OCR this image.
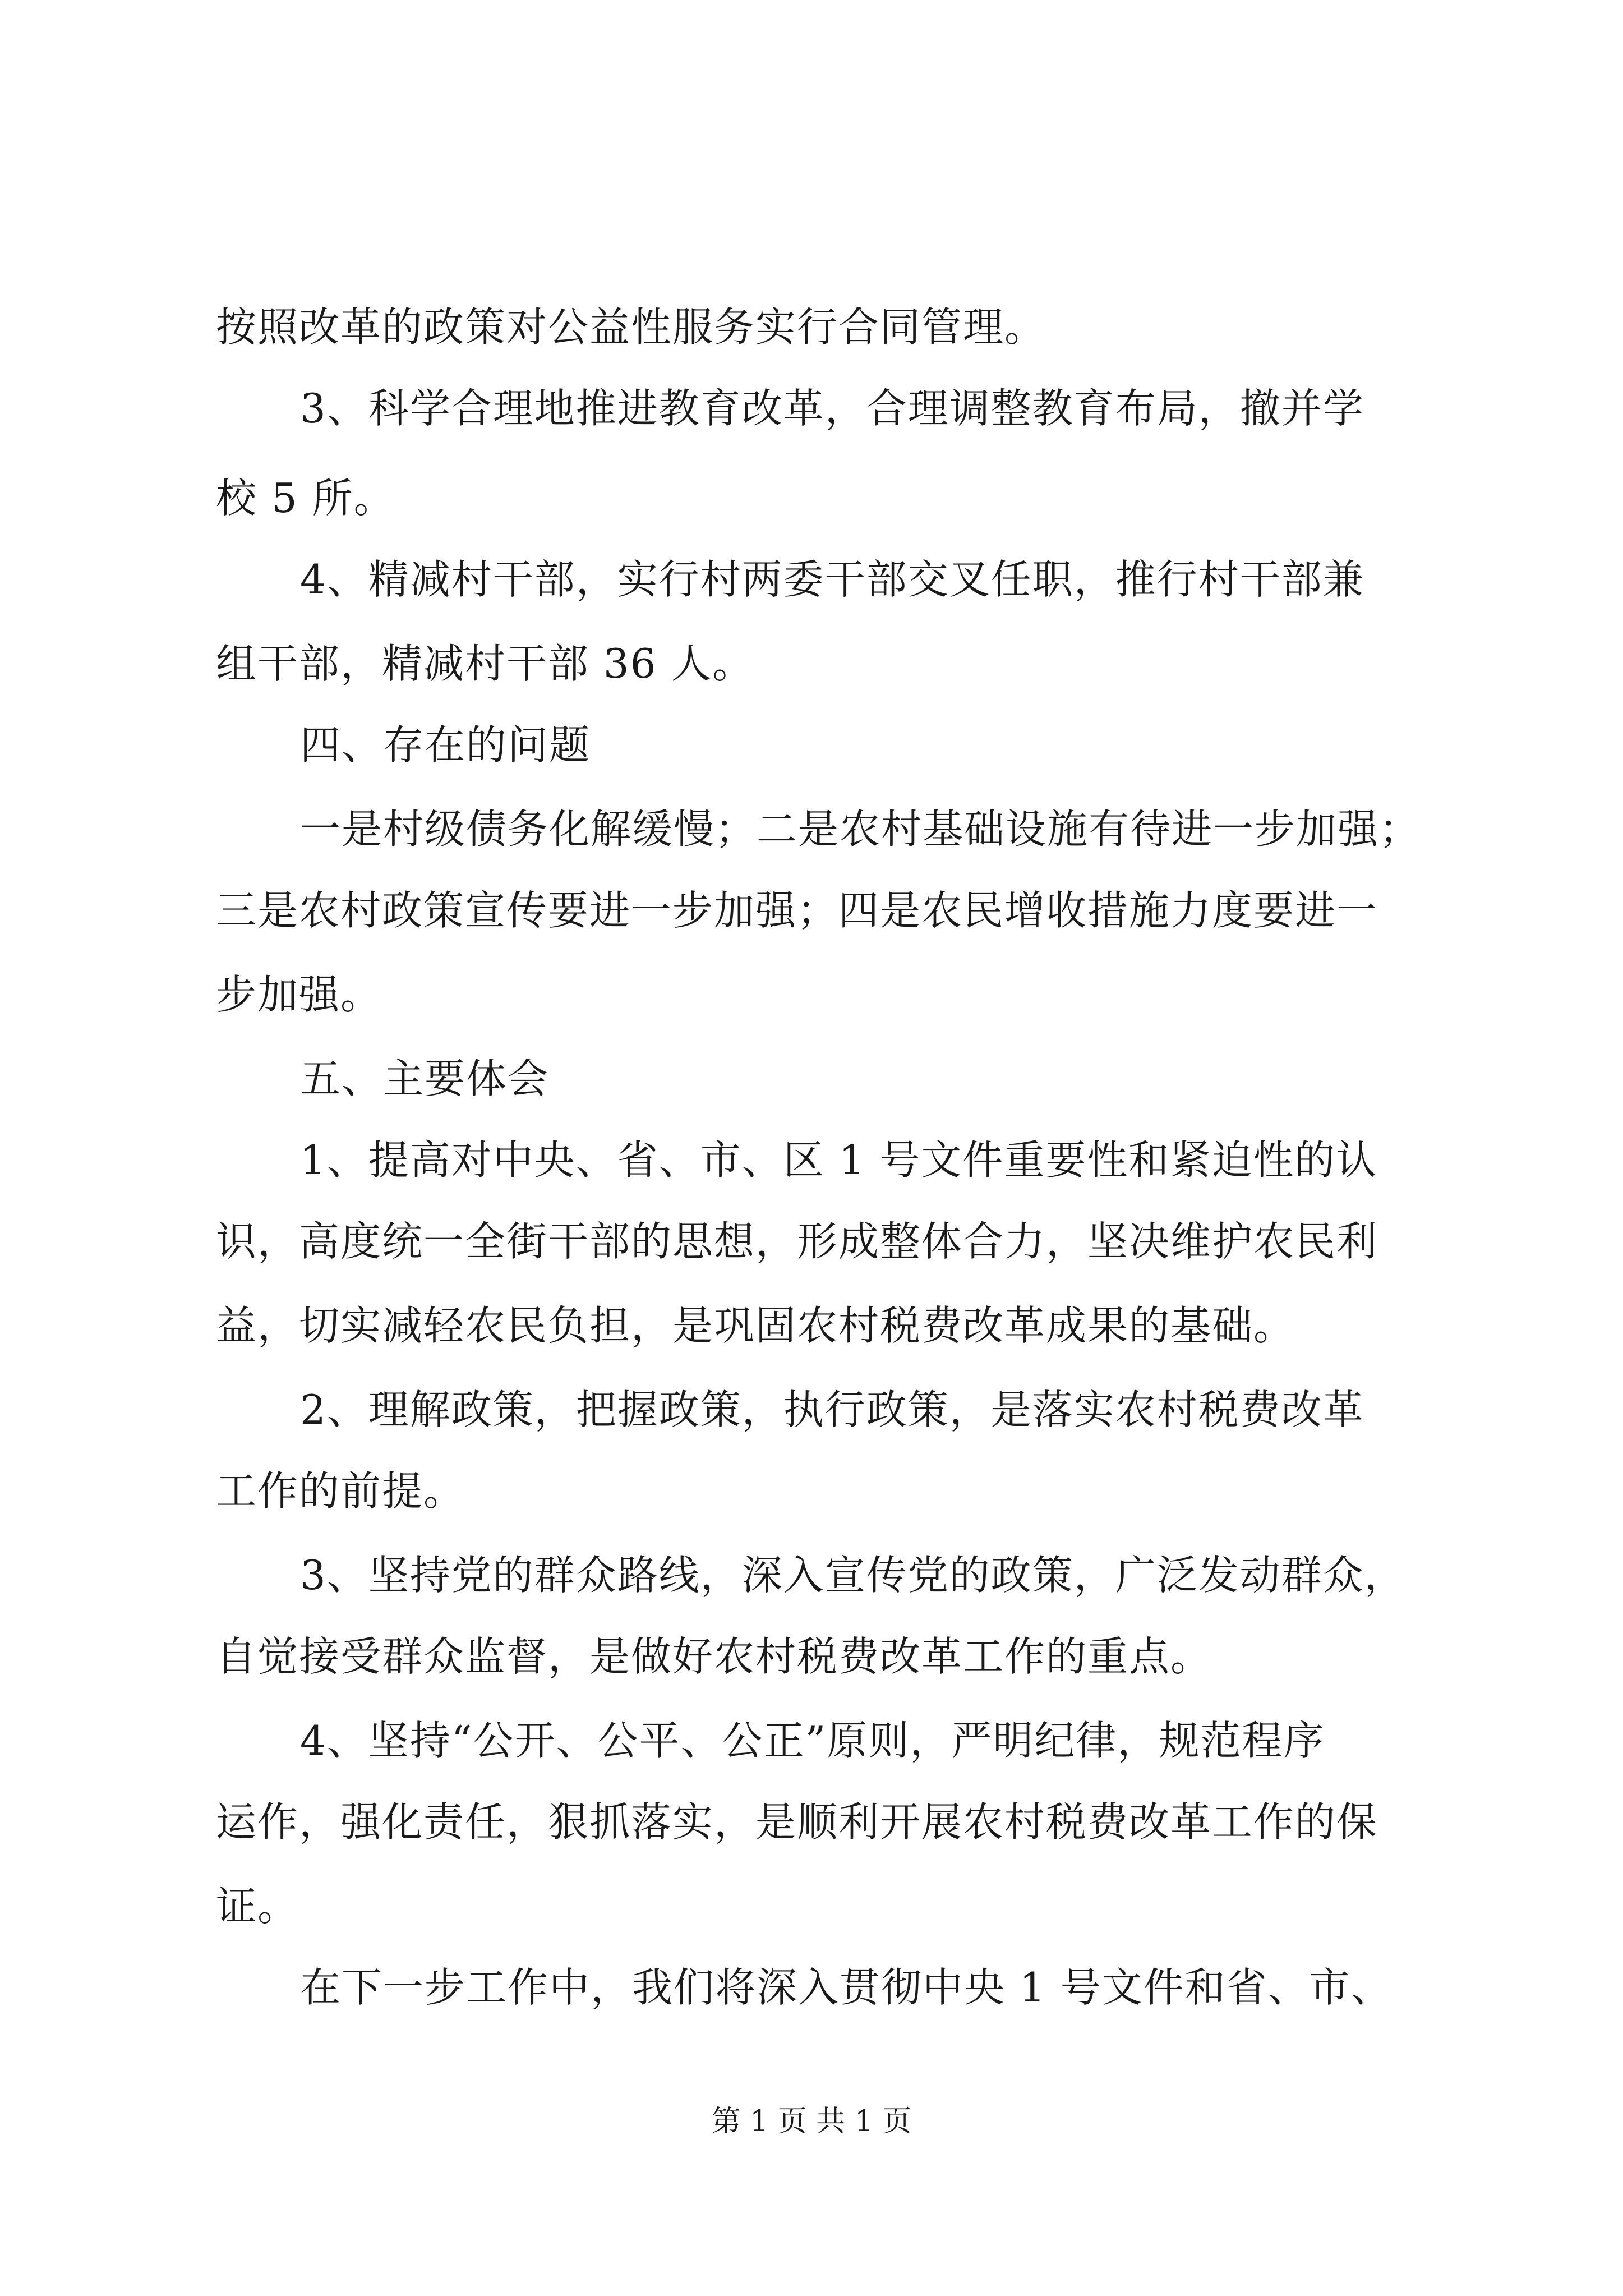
按照改革的政策对公益性服务实行合同管理。
3、科学合理地推进教育改革，合理调整教育布局，撤并学
校 5 所。
4、精减村干部，实行村两委干部交叉任职，推行村干部兼
组干部，精减村干部 36 人。
四、存在的问题
一是村级债务化解缓慢；二是农村基础设施有待进一步加强；
三是农村政策宣传要进一步加强；四是农民增收措施力度要进一
步加强。
五、主要体会
1、提高对中央、省、市、区 1 号文件重要性和紧迫性的认
识，高度统一全街干部的思想，形成整体合力，坚决维护农民利
益，切实减轻农民负担，是巩固农村税费改革成果的基础。
2、理解政策，把握政策，执行政策，是落实农村税费改革
工作的前提。
3、坚持党的群众路线，深入宣传党的政策，广泛发动群众，
自觉接受群众监督，是做好农村税费改革工作的重点。
4、坚持“公开、公平、公正”原则，严明纪律，规范程序
运作，强化责任，狠抓落实，是顺利开展农村税费改革工作的保
证。
在下一步工作中，我们将深入贯彻中央 1 号文件和省、市、
第 1 页 共 1 页
